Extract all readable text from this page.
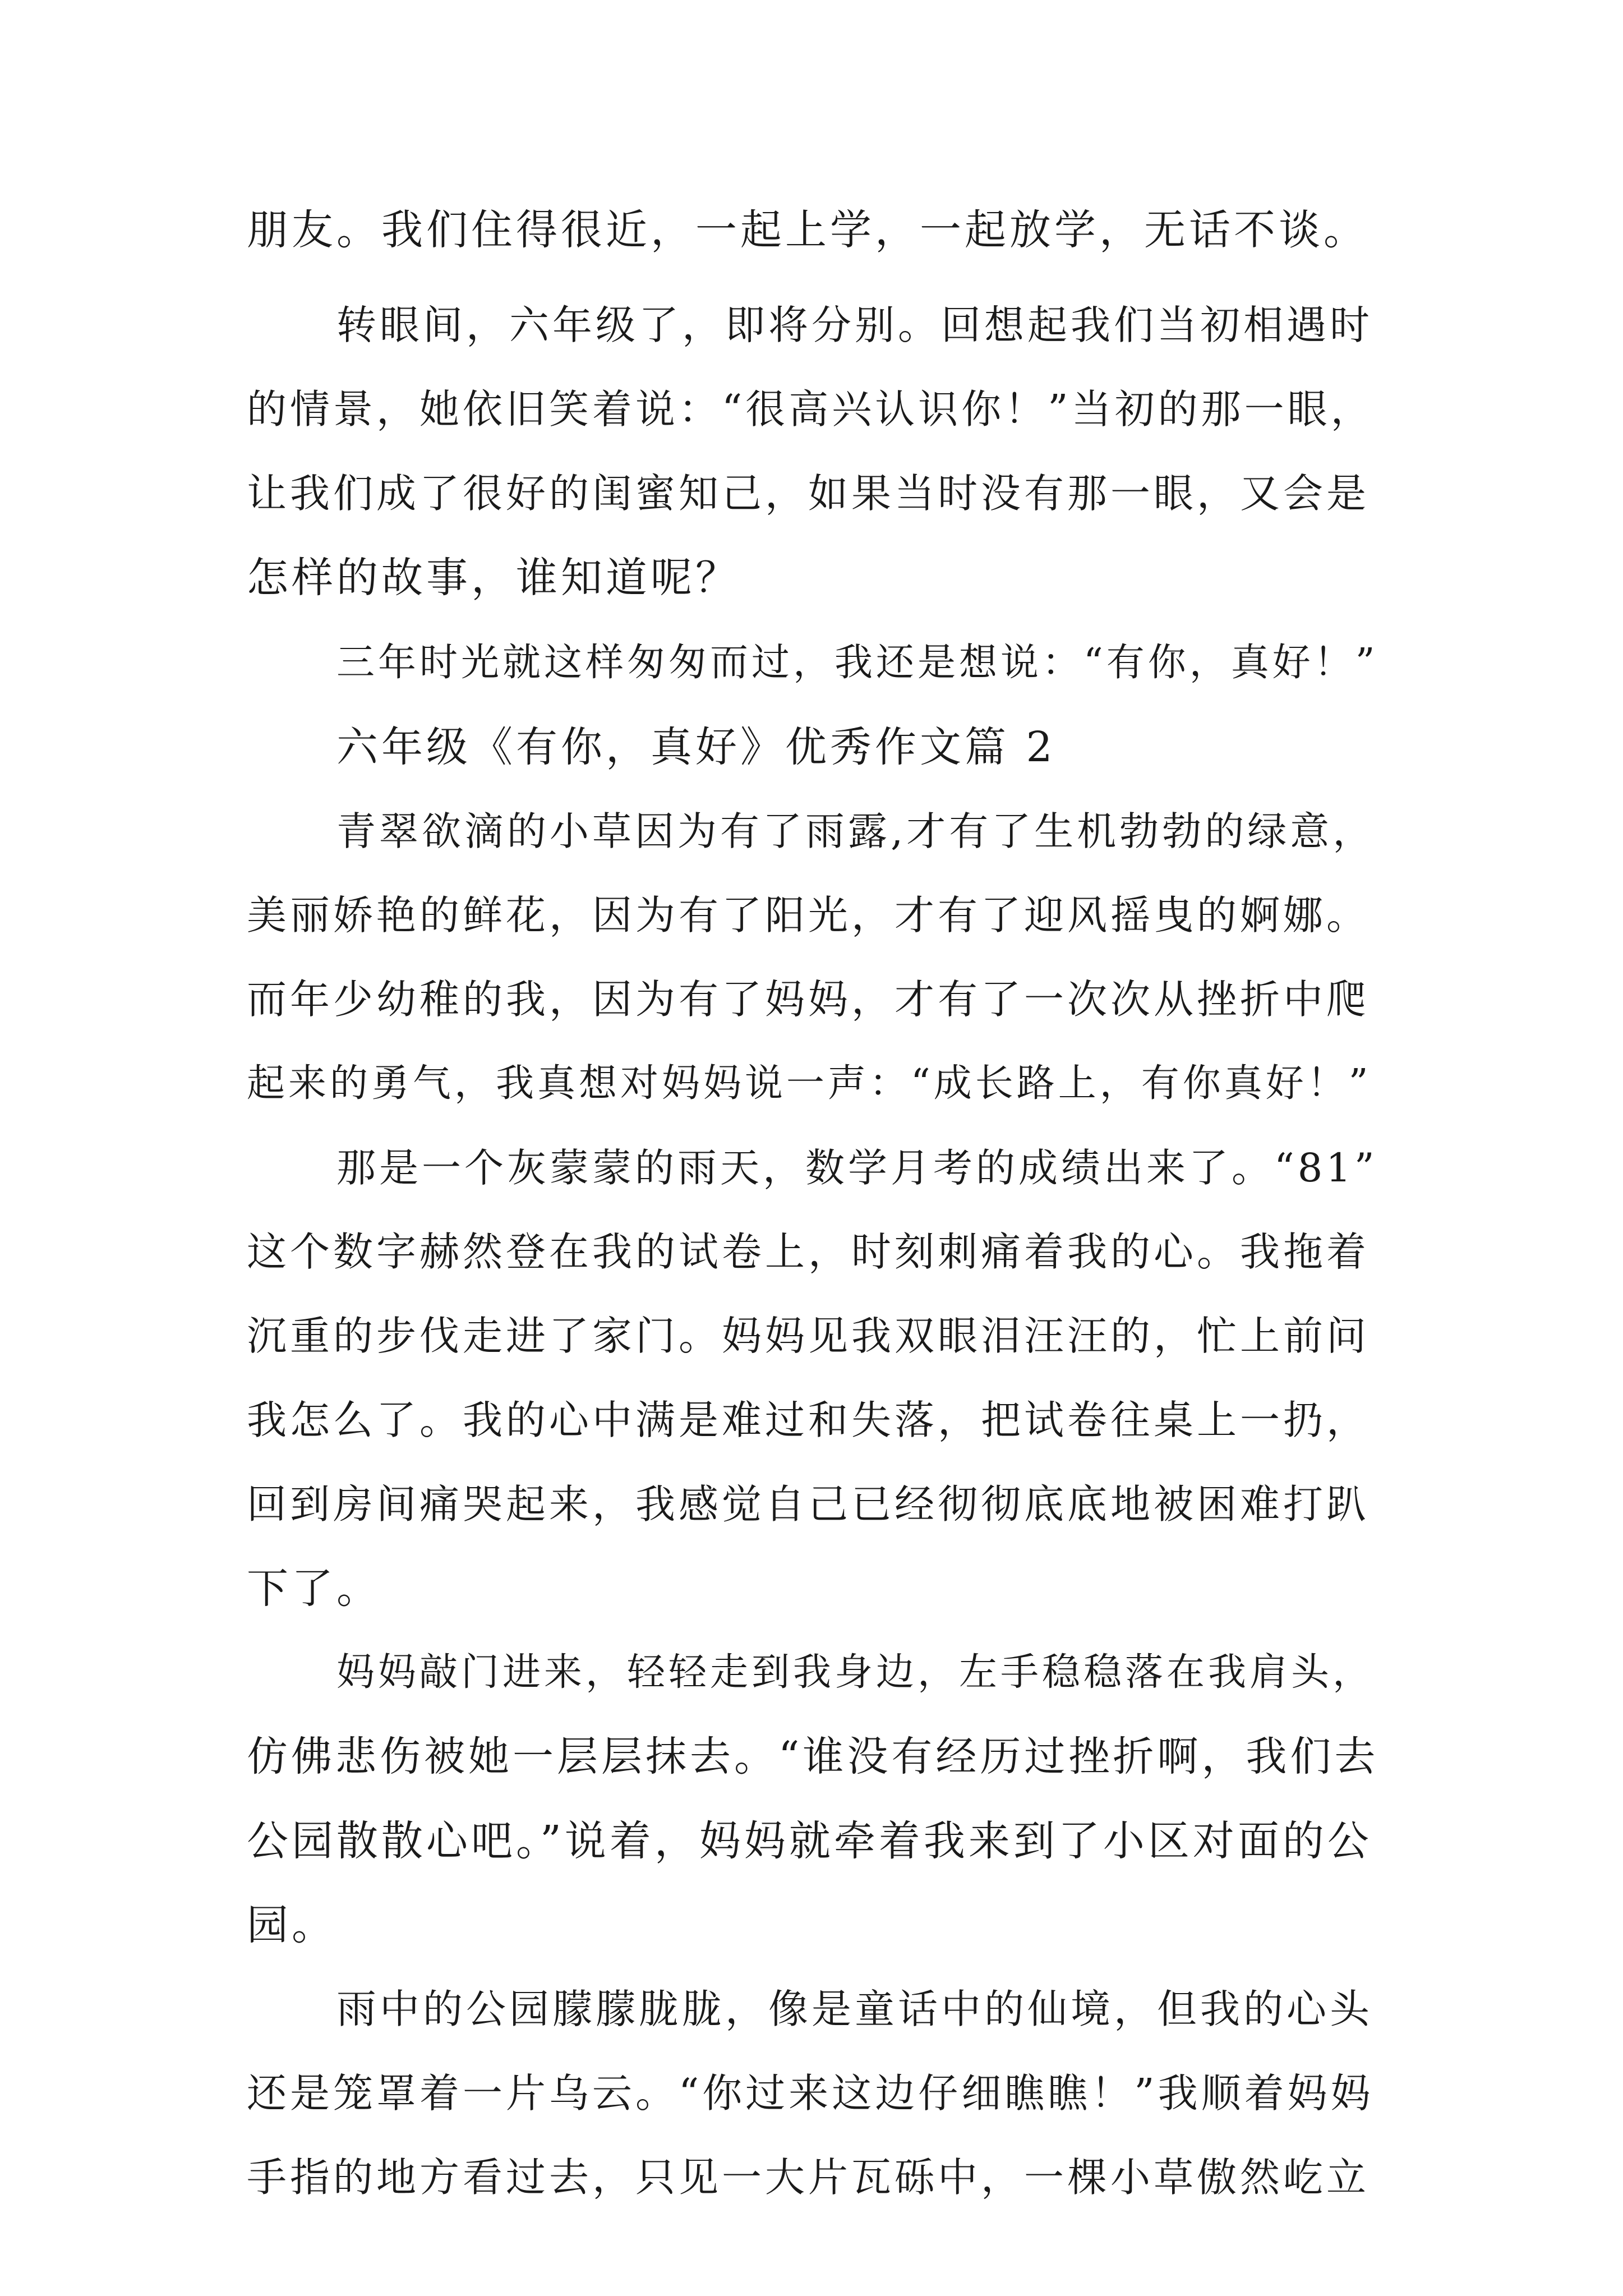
朋友。我们住得很近，一起上学，一起放学，无话不谈。
转眼间，六年级了，即将分别。回想起我们当初相遇时
的情景，她依旧笑着说：“很高兴认识你！”当初的那一眼，
让我们成了很好的闺蜜知己，如果当时没有那一眼，又会是
怎样的故事，谁知道呢？
三年时光就这样匆匆而过，我还是想说：“有你，真好！”
六年级《有你，真好》优秀作文篇 2
青翠欲滴的小草因为有了雨露,才有了生机勃勃的绿意，
美丽娇艳的鲜花，因为有了阳光，才有了迎风摇曳的婀娜。
而年少幼稚的我，因为有了妈妈，才有了一次次从挫折中爬
起来的勇气，我真想对妈妈说一声：“成长路上，有你真好！”
那是一个灰蒙蒙的雨天，数学月考的成绩出来了。“81”
这个数字赫然登在我的试卷上，时刻刺痛着我的心。我拖着
沉重的步伐走进了家门。妈妈见我双眼泪汪汪的，忙上前问
我怎么了。我的心中满是难过和失落，把试卷往桌上一扔，
回到房间痛哭起来，我感觉自己已经彻彻底底地被困难打趴
下了。
妈妈敲门进来，轻轻走到我身边，左手稳稳落在我肩头，
仿佛悲伤被她一层层抹去。“谁没有经历过挫折啊，我们去
公园散散心吧。”说着，妈妈就牵着我来到了小区对面的公
园。
雨中的公园朦朦胧胧，像是童话中的仙境，但我的心头
还是笼罩着一片乌云。“你过来这边仔细瞧瞧！”我顺着妈妈
手指的地方看过去，只见一大片瓦砾中，一棵小草傲然屹立
